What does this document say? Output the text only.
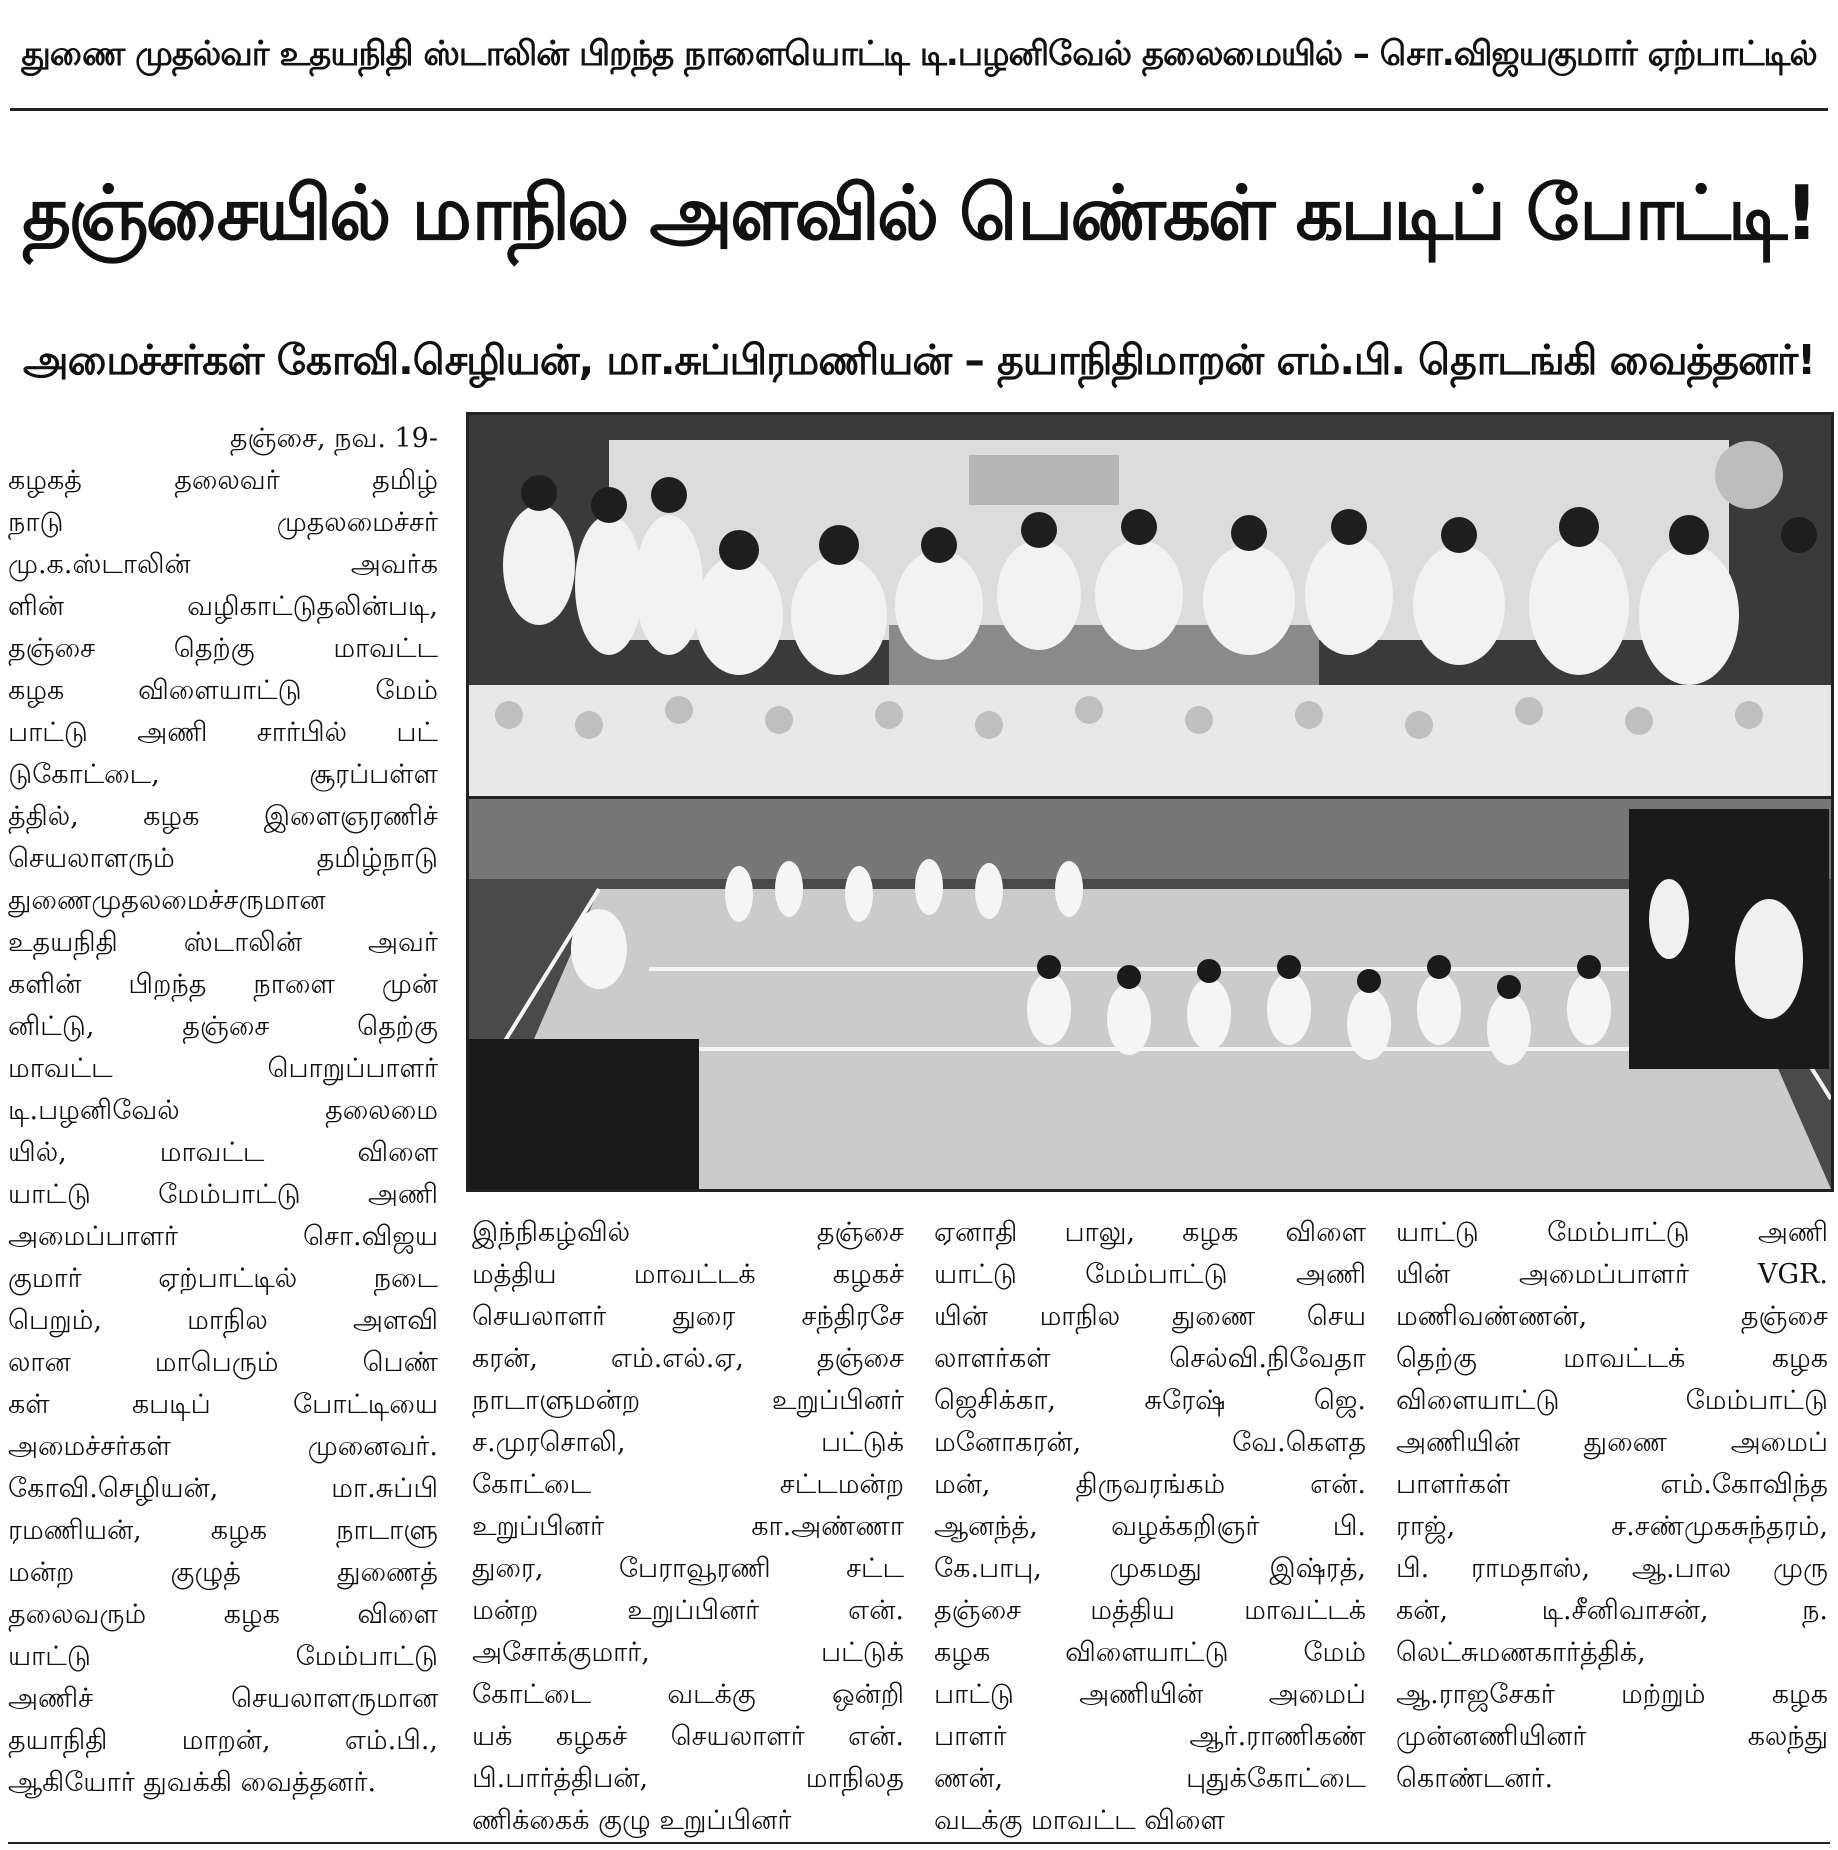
துணை முதல்வர் உதயநிதி ஸ்டாலின் பிறந்த நாளையொட்டி டி.பழனிவேல் தலைமையில் – சொ.விஜயகுமார் ஏற்பாட்டில்
தஞ்சையில் மாநில அளவில் பெண்கள் கபடிப் போட்டி!
அமைச்சர்கள் கோவி.செழியன், மா.சுப்பிரமணியன் – தயாநிதிமாறன் எம்.பி. தொடங்கி வைத்தனர்!
தஞ்சை, நவ. 19-
கழகத் தலைவர் தமிழ்
நாடு முதலமைச்சர்
மு.க.ஸ்டாலின் அவர்க
ளின் வழிகாட்டுதலின்படி,
தஞ்சை தெற்கு மாவட்ட
கழக விளையாட்டு மேம்
பாட்டு அணி சார்பில் பட்
டுகோட்டை, சூரப்பள்ள
த்தில், கழக இளைஞரணிச்
செயலாளரும் தமிழ்நாடு
துணைமுதலமைச்சருமான
உதயநிதி ஸ்டாலின் அவர்
களின் பிறந்த நாளை முன்
னிட்டு, தஞ்சை தெற்கு
மாவட்ட பொறுப்பாளர்
டி.பழனிவேல் தலைமை
யில், மாவட்ட விளை
யாட்டு மேம்பாட்டு அணி
அமைப்பாளர் சொ.விஜய
குமார் ஏற்பாட்டில் நடை
பெறும், மாநில அளவி
லான மாபெரும் பெண்
கள் கபடிப் போட்டியை
அமைச்சர்கள் முனைவர்.
கோவி.செழியன், மா.சுப்பி
ரமணியன், கழக நாடாளு
மன்ற குழுத் துணைத்
தலைவரும் கழக விளை
யாட்டு மேம்பாட்டு
அணிச் செயலாளருமான
தயாநிதி மாறன், எம்.பி.,
ஆகியோர் துவக்கி வைத்தனர்.
இந்நிகழ்வில் தஞ்சை
மத்திய மாவட்டக் கழகச்
செயலாளர் துரை சந்திரசே
கரன், எம்.எல்.ஏ, தஞ்சை
நாடாளுமன்ற உறுப்பினர்
ச.முரசொலி, பட்டுக்
கோட்டை சட்டமன்ற
உறுப்பினர் கா.அண்ணா
துரை, பேராவூரணி சட்ட
மன்ற உறுப்பினர் என்.
அசோக்குமார், பட்டுக்
கோட்டை வடக்கு ஒன்றி
யக் கழகச் செயலாளர் என்.
பி.பார்த்திபன், மாநிலத
ணிக்கைக் குழு உறுப்பினர்
ஏனாதி பாலு, கழக விளை
யாட்டு மேம்பாட்டு அணி
யின் மாநில துணை செய
லாளர்கள் செல்வி.நிவேதா
ஜெசிக்கா, சுரேஷ் ஜெ.
மனோகரன், வே.கௌத
மன், திருவரங்கம் என்.
ஆனந்த், வழக்கறிஞர் பி.
கே.பாபு, முகமது இஷ்ரத்,
தஞ்சை மத்திய மாவட்டக்
கழக விளையாட்டு மேம்
பாட்டு அணியின் அமைப்
பாளர் ஆர்.ராணிகண்
ணன், புதுக்கோட்டை
வடக்கு மாவட்ட விளை
யாட்டு மேம்பாட்டு அணி
யின் அமைப்பாளர் VGR.
மணிவண்ணன், தஞ்சை
தெற்கு மாவட்டக் கழக
விளையாட்டு மேம்பாட்டு
அணியின் துணை அமைப்
பாளர்கள் எம்.கோவிந்த
ராஜ், ச.சண்முகசுந்தரம்,
பி. ராமதாஸ், ஆ.பால முரு
கன், டி.சீனிவாசன், ந.
லெட்சுமணகார்த்திக்,
ஆ.ராஜசேகர் மற்றும் கழக
முன்னணியினர் கலந்து
கொண்டனர்.
